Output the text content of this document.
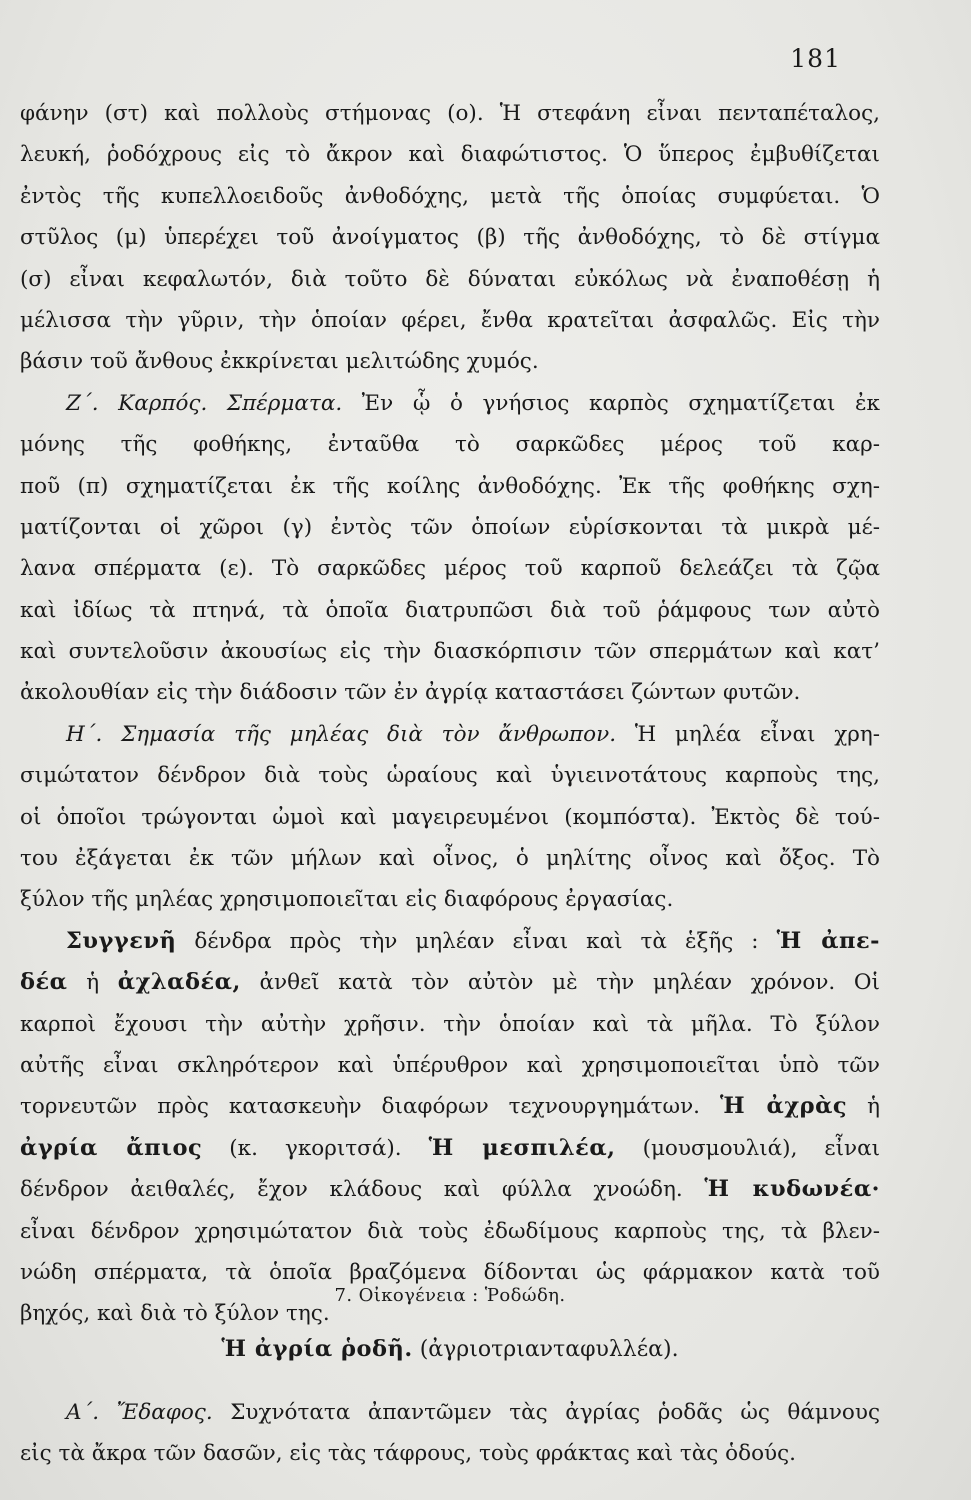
181
φάνην (στ) καὶ πολλοὺς στήμονας (ο). Ἡ στεφάνη εἶναι πενταπέταλος,
λευκή, ῥοδόχρους εἰς τὸ ἄκρον καὶ διαφώτιστος. Ὁ ὕπερος ἐμβυθίζεται
ἐντὸς τῆς κυπελλοειδοῦς ἀνθοδόχης, μετὰ τῆς ὁποίας συμφύεται. Ὁ
στῦλος (μ) ὑπερέχει τοῦ ἀνοίγματος (β) τῆς ἀνθοδόχης, τὸ δὲ στίγμα
(σ) εἶναι κεφαλωτόν, διὰ τοῦτο δὲ δύναται εὐκόλως νὰ ἐναποθέσῃ ἡ
μέλισσα τὴν γῦριν, τὴν ὁποίαν φέρει, ἔνθα κρατεῖται ἀσφαλῶς. Εἰς τὴν
βάσιν τοῦ ἄνθους ἐκκρίνεται μελιτώδης χυμός.
Ζ΄. Καρπός. Σπέρματα. Ἐν ᾧ ὁ γνήσιος καρπὸς σχηματίζεται ἐκ
μόνης τῆς φοθήκης, ἐνταῦθα τὸ σαρκῶδες μέρος τοῦ καρ-
ποῦ (π) σχηματίζεται ἐκ τῆς κοίλης ἀνθοδόχης. Ἐκ τῆς φοθήκης σχη-
ματίζονται οἱ χῶροι (γ) ἐντὸς τῶν ὁποίων εὑρίσκονται τὰ μικρὰ μέ-
λανα σπέρματα (ε). Τὸ σαρκῶδες μέρος τοῦ καρποῦ δελεάζει τὰ ζῷα
καὶ ἰδίως τὰ πτηνά, τὰ ὁποῖα διατρυπῶσι διὰ τοῦ ῥάμφους των αὐτὸ
καὶ συντελοῦσιν ἀκουσίως εἰς τὴν διασκόρπισιν τῶν σπερμάτων καὶ κατ’
ἀκολουθίαν εἰς τὴν διάδοσιν τῶν ἐν ἀγρίᾳ καταστάσει ζώντων φυτῶν.
Η΄. Σημασία τῆς μηλέας διὰ τὸν ἄνθρωπον. Ἡ μηλέα εἶναι χρη-
σιμώτατον δένδρον διὰ τοὺς ὡραίους καὶ ὑγιεινοτάτους καρποὺς της,
οἱ ὁποῖοι τρώγονται ὠμοὶ καὶ μαγειρευμένοι (κομπόστα). Ἐκτὸς δὲ τού-
του ἐξάγεται ἐκ τῶν μήλων καὶ οἶνος, ὁ μηλίτης οἶνος καὶ ὄξος. Τὸ
ξύλον τῆς μηλέας χρησιμοποιεῖται εἰς διαφόρους ἐργασίας.
Συγγενῆ δένδρα πρὸς τὴν μηλέαν εἶναι καὶ τὰ ἑξῆς : Ἡ ἀπε-
δέα ἡ ἀχλαδέα, ἀνθεῖ κατὰ τὸν αὐτὸν μὲ τὴν μηλέαν χρόνον. Οἱ
καρποὶ ἔχουσι τὴν αὐτὴν χρῆσιν. τὴν ὁποίαν καὶ τὰ μῆλα. Τὸ ξύλον
αὐτῆς εἶναι σκληρότερον καὶ ὑπέρυθρον καὶ χρησιμοποιεῖται ὑπὸ τῶν
τορνευτῶν πρὸς κατασκευὴν διαφόρων τεχνουργημάτων. Ἡ ἀχρὰς ἡ
ἀγρία ἄπιος (κ. γκοριτσά). Ἡ μεσπιλέα, (μουσμουλιά), εἶναι
δένδρον ἀειθαλές, ἔχον κλάδους καὶ φύλλα χνοώδη. Ἡ κυδωνέα·
εἶναι δένδρον χρησιμώτατον διὰ τοὺς ἐδωδίμους καρποὺς της, τὰ βλεν-
νώδη σπέρματα, τὰ ὁποῖα βραζόμενα δίδονται ὡς φάρμακον κατὰ τοῦ
βηχός, καὶ διὰ τὸ ξύλον της.
7. Οἰκογένεια : Ῥοδώδη.
Ἡ ἀγρία ῥοδῆ. (ἀγριοτριανταφυλλέα).
Α΄. Ἔδαφος. Συχνότατα ἀπαντῶμεν τὰς ἀγρίας ῥοδᾶς ὡς θάμνους
εἰς τὰ ἄκρα τῶν δασῶν, εἰς τὰς τάφρους, τοὺς φράκτας καὶ τὰς ὁδούς.
